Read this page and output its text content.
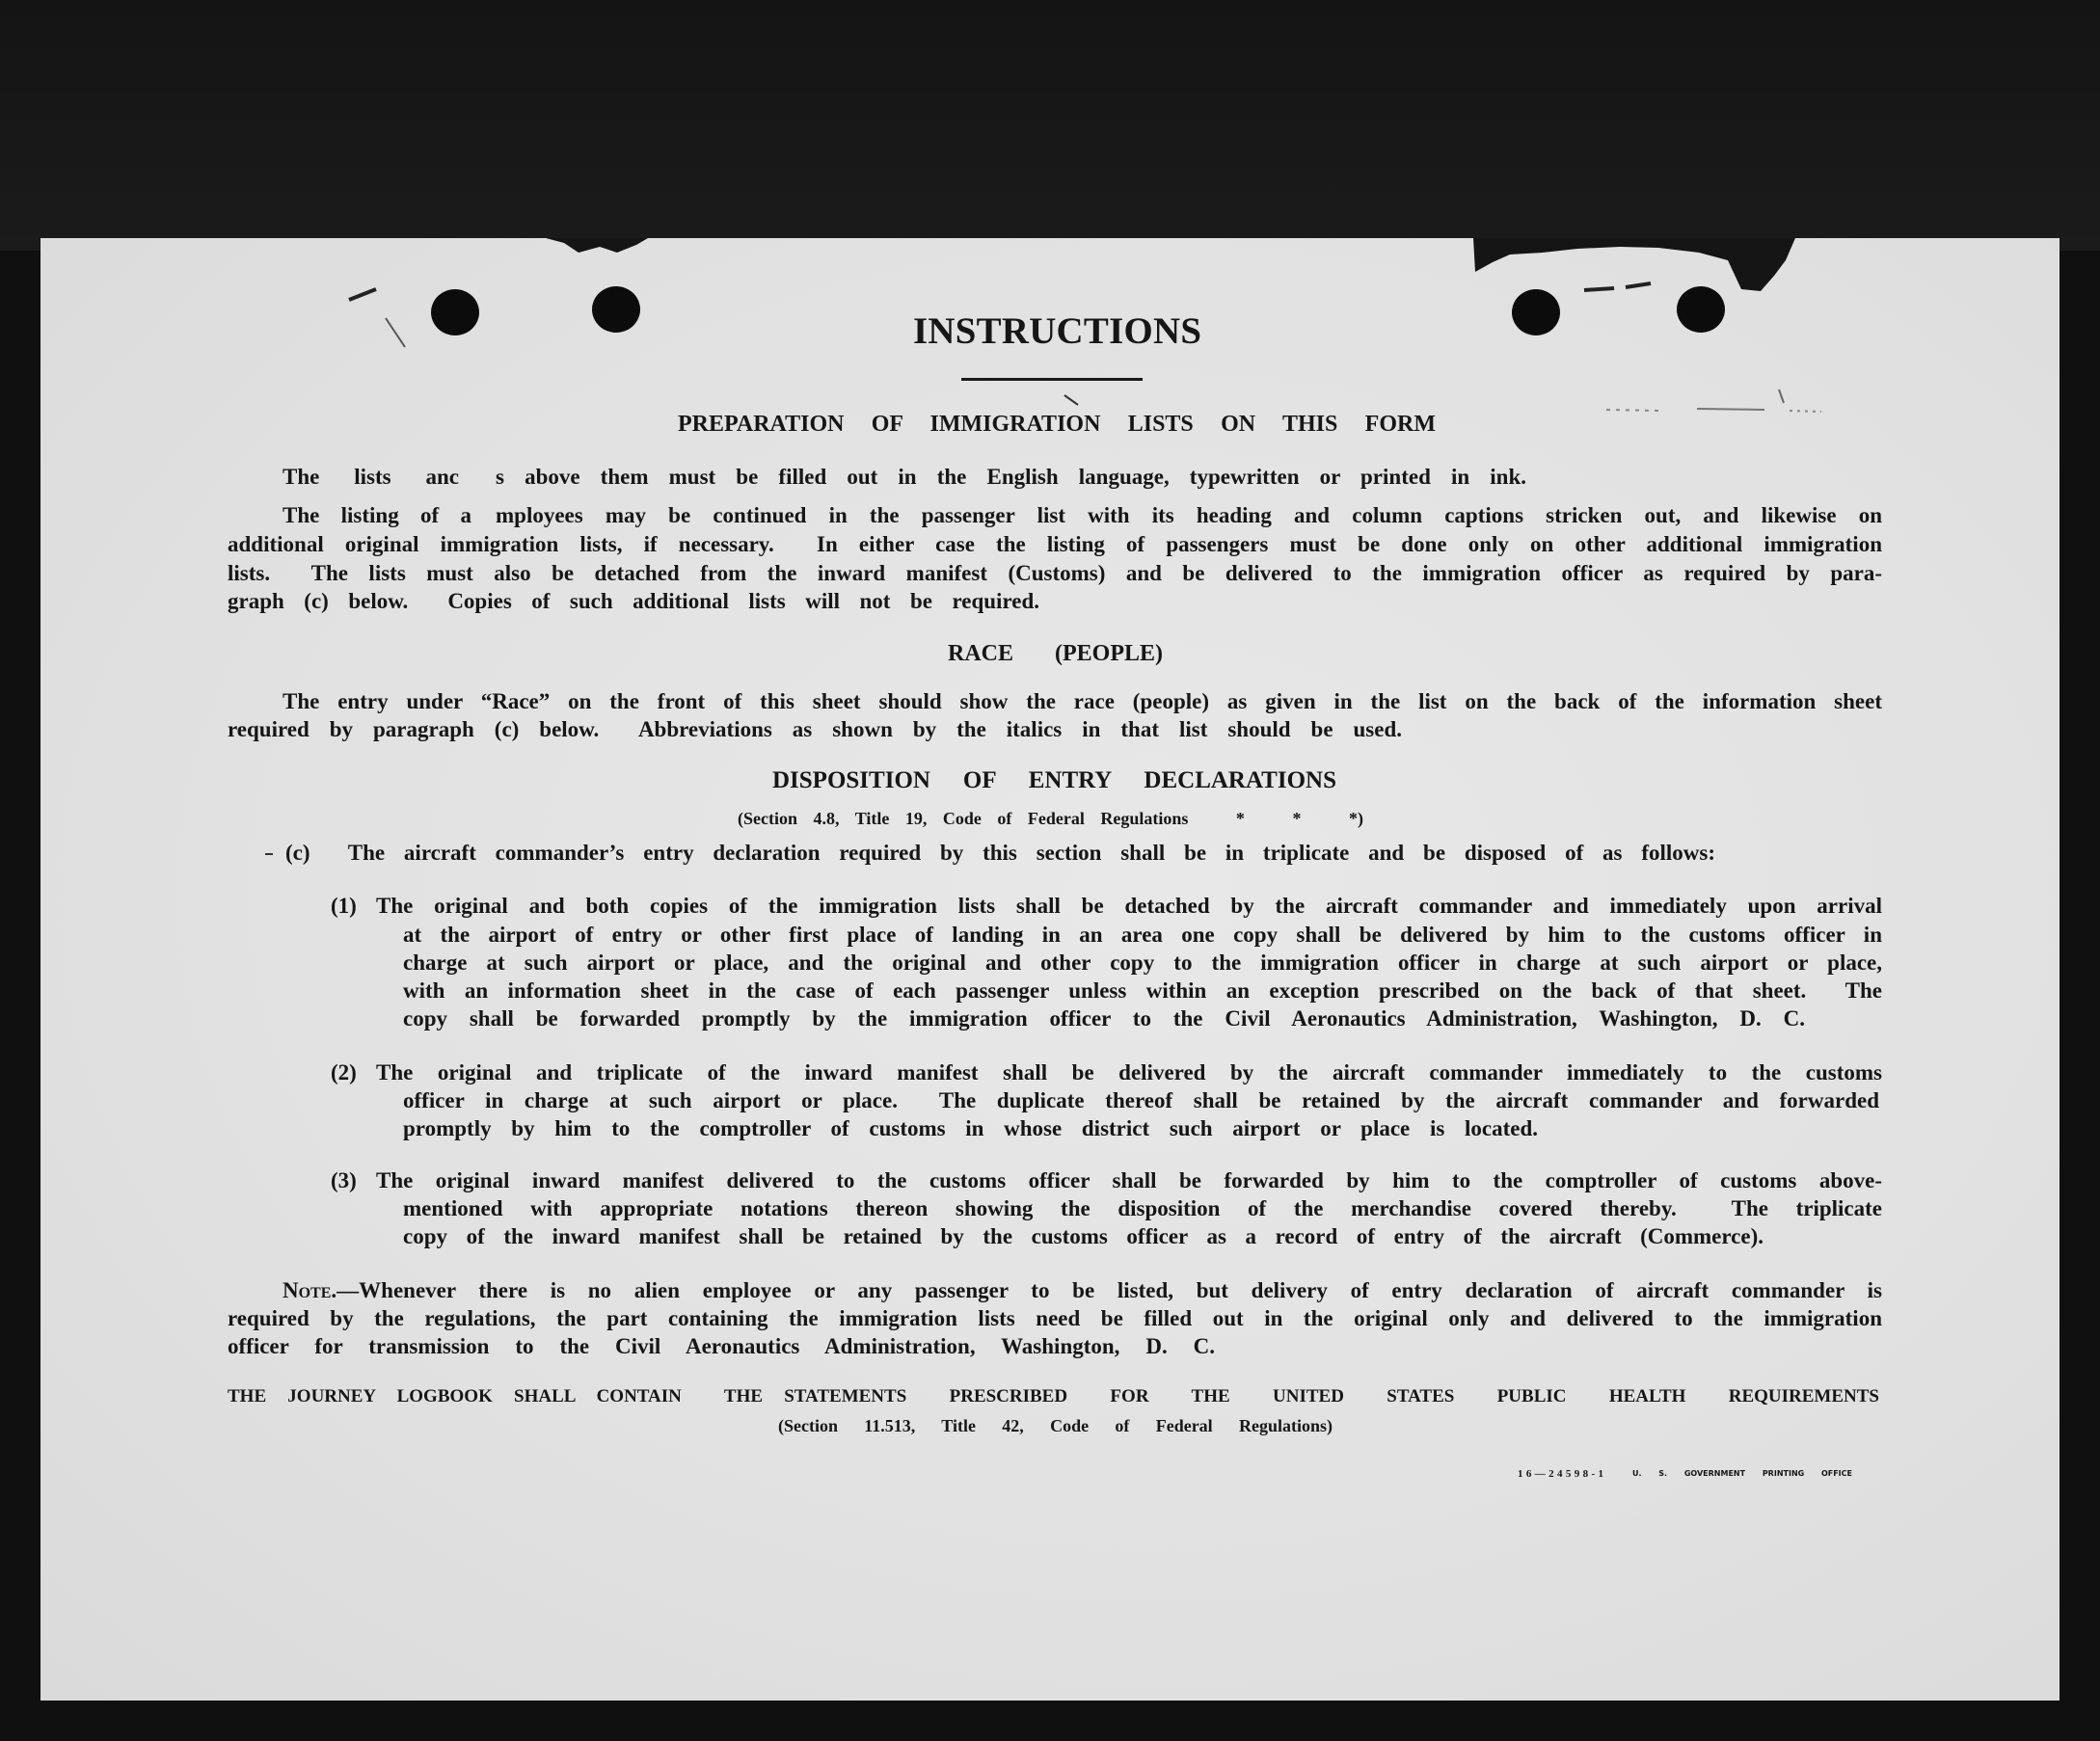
INSTRUCTIONS
PREPARATION OF IMMIGRATION LISTS ON THIS FORM
The lists anc s above them must be filled out in the English language, typewritten or printed in ink.
The listing of a mployees may be continued in the passenger list with its heading and column captions stricken out, and likewise on
additional original immigration lists, if necessary.  In either case the listing of passengers must be done only on other additional immigration
lists.  The lists must also be detached from the inward manifest (Customs) and be delivered to the immigration officer as required by para-
graph (c) below.  Copies of such additional lists will not be required.
RACE (PEOPLE)
The entry under “Race” on the front of this sheet should show the race (people) as given in the list on the back of the information sheet
required by paragraph (c) below.  Abbreviations as shown by the italics in that list should be used.
DISPOSITION OF ENTRY DECLARATIONS
(Section 4.8, Title 19, Code of Federal Regulations   *   *   *)
(c)  The aircraft commander’s entry declaration required by this section shall be in triplicate and be disposed of as follows:
(1) The original and both copies of the immigration lists shall be detached by the aircraft commander and immediately upon arrival
at the airport of entry or other first place of landing in an area one copy shall be delivered by him to the customs officer in
charge at such airport or place, and the original and other copy to the immigration officer in charge at such airport or place,
with an information sheet in the case of each passenger unless within an exception prescribed on the back of that sheet.  The
copy shall be forwarded promptly by the immigration officer to the Civil Aeronautics Administration, Washington, D. C.
(2) The original and triplicate of the inward manifest shall be delivered by the aircraft commander immediately to the customs
officer in charge at such airport or place.  The duplicate thereof shall be retained by the aircraft commander and forwarded
promptly by him to the comptroller of customs in whose district such airport or place is located.
(3) The original inward manifest delivered to the customs officer shall be forwarded by him to the comptroller of customs above-
mentioned with appropriate notations thereon showing the disposition of the merchandise covered thereby.  The triplicate
copy of the inward manifest shall be retained by the customs officer as a record of entry of the aircraft (Commerce).
Note.—Whenever there is no alien employee or any passenger to be listed, but delivery of entry declaration of aircraft commander is
required by the regulations, the part containing the immigration lists need be filled out in the original only and delivered to the immigration
officer for transmission to the Civil Aeronautics Administration, Washington, D. C.
THE JOURNEY LOGBOOK SHALL CONTAIN  THE STATEMENTS  PRESCRIBED  FOR  THE  UNITED  STATES  PUBLIC  HEALTH  REQUIREMENTS
(Section 11.513, Title 42, Code of Federal Regulations)
16—24598-1	U. S. GOVERNMENT PRINTING OFFICE
